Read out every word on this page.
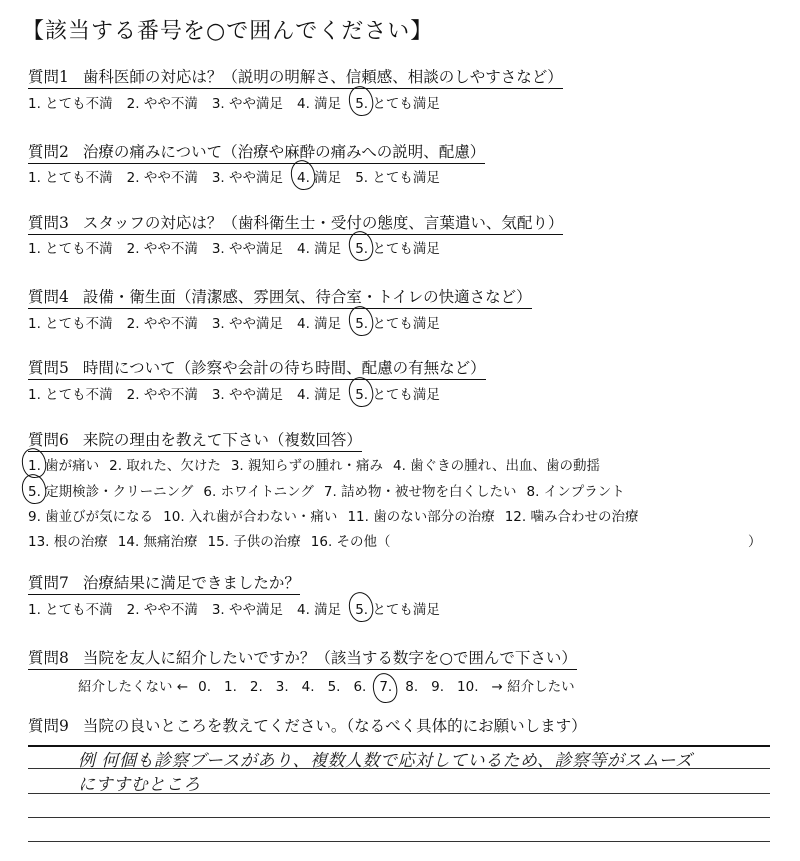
【該当する番号を○で囲んでください】
質問1 歯科医師の対応は？（説明の明解さ、信頼感、相談のしやすさなど）
1. とても不満 2. やや不満 3. やや満足 4. 満足 5. とても満足
質問2 治療の痛みについて（治療や麻酔の痛みへの説明、配慮）
1. とても不満 2. やや不満 3. やや満足 4. 満足 5. とても満足
質問3 スタッフの対応は？（歯科衛生士・受付の態度、言葉遣い、気配り）
1. とても不満 2. やや不満 3. やや満足 4. 満足 5. とても満足
質問4 設備・衛生面（清潔感、雰囲気、待合室・トイレの快適さなど）
1. とても不満 2. やや不満 3. やや満足 4. 満足 5. とても満足
質問5 時間について（診察や会計の待ち時間、配慮の有無など）
1. とても不満 2. やや不満 3. やや満足 4. 満足 5. とても満足
質問6 来院の理由を教えて下さい（複数回答）
1. 歯が痛い 2. 取れた、欠けた 3. 親知らずの腫れ・痛み 4. 歯ぐきの腫れ、出血、歯の動揺
5. 定期検診・クリーニング 6. ホワイトニング 7. 詰め物・被せ物を白くしたい 8. インプラント
9. 歯並びが気になる 10. 入れ歯が合わない・痛い 11. 歯のない部分の治療 12. 噛み合わせの治療
13. 根の治療 14. 無痛治療 15. 子供の治療 16. その他（	）
質問7 治療結果に満足できましたか？
1. とても不満 2. やや不満 3. やや満足 4. 満足 5. とても満足
質問8 当院を友人に紹介したいですか？（該当する数字を○で囲んで下さい）
紹介したくない ← 0. 1. 2. 3. 4. 5. 6. 7. 8. 9. 10. → 紹介したい
質問9 当院の良いところを教えてください。（なるべく具体的にお願いします）
例 何個も診察ブースがあり、複数人数で応対しているため、診察等がスムーズ
にすすむところ
